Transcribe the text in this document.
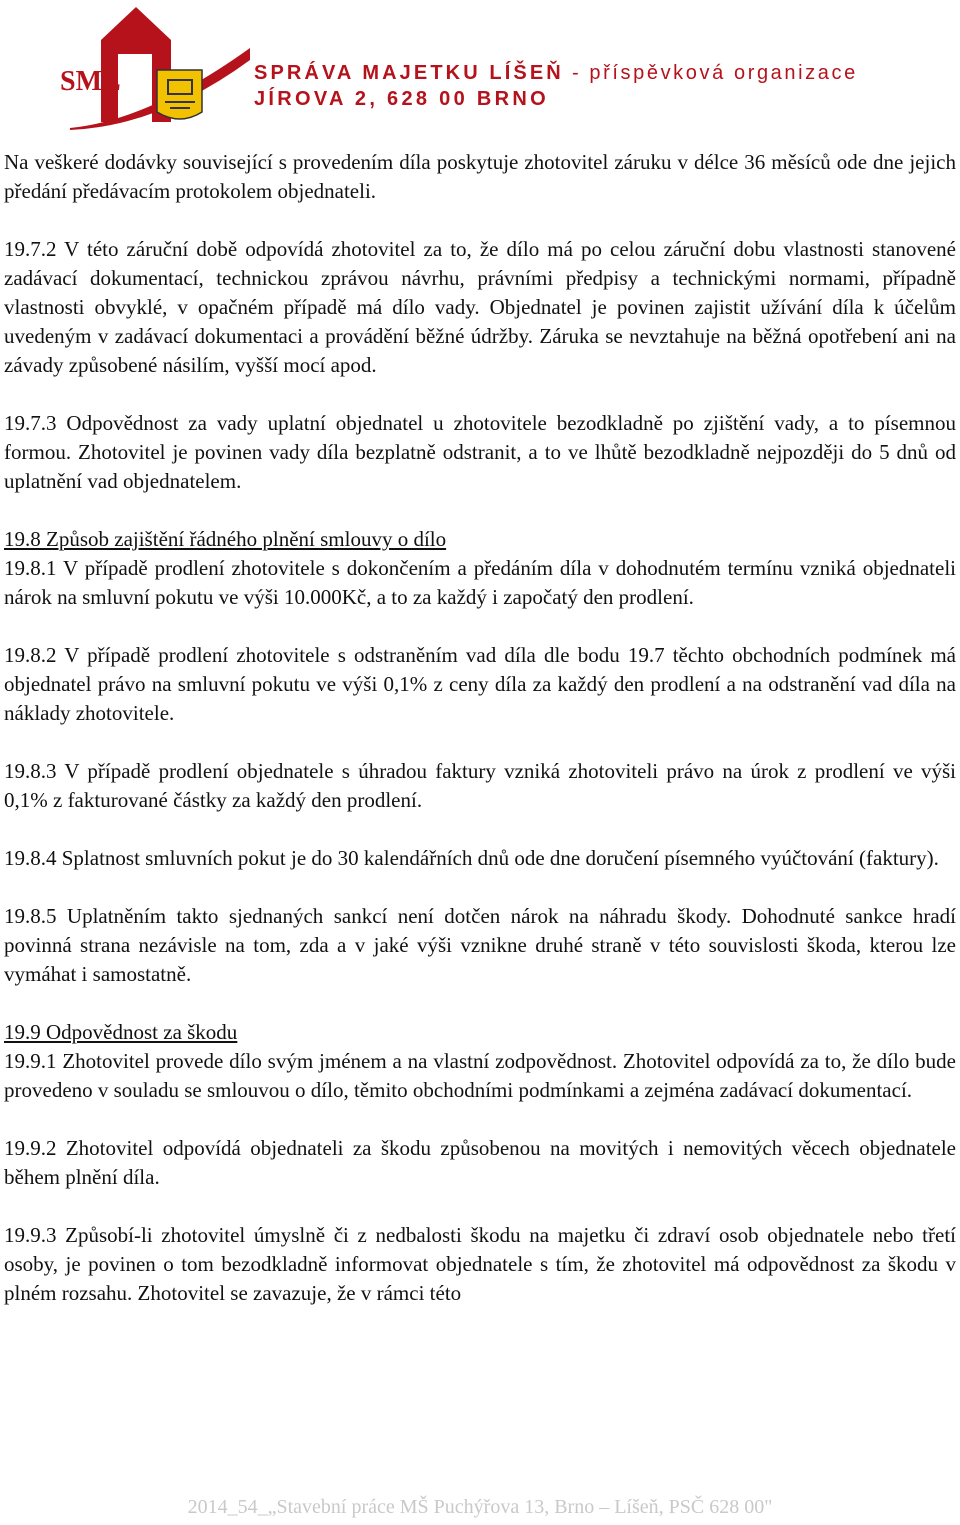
SML	SPRÁVA MAJETKU LÍŠEŇ - příspěvková organizace
JÍROVA 2, 628 00 BRNO

Na veškeré dodávky související s provedením díla poskytuje zhotovitel záruku v délce 36 měsíců ode dne jejich předání předávacím protokolem objednateli.

19.7.2 V této záruční době odpovídá zhotovitel za to, že dílo má po celou záruční dobu vlastnosti stanovené zadávací dokumentací, technickou zprávou návrhu, právními předpisy a technickými normami, případně vlastnosti obvyklé, v opačném případě má dílo vady. Objednatel je povinen zajistit užívání díla k účelům uvedeným v zadávací dokumentaci a provádění běžné údržby. Záruka se nevztahuje na běžná opotřebení ani na závady způsobené násilím, vyšší mocí apod.

19.7.3 Odpovědnost za vady uplatní objednatel u zhotovitele bezodkladně po zjištění vady, a to písemnou formou. Zhotovitel je povinen vady díla bezplatně odstranit, a to ve lhůtě bezodkladně nejpozději do 5 dnů od uplatnění vad objednatelem.

19.8 Způsob zajištění řádného plnění smlouvy o dílo

19.8.1 V případě prodlení zhotovitele s dokončením a předáním díla v dohodnutém termínu vzniká objednateli nárok na smluvní pokutu ve výši 10.000Kč, a to za každý i započatý den prodlení.

19.8.2 V případě prodlení zhotovitele s odstraněním vad díla dle bodu 19.7 těchto obchodních podmínek má objednatel právo na smluvní pokutu ve výši 0,1% z ceny díla za každý den prodlení a na odstranění vad díla na náklady zhotovitele.

19.8.3 V případě prodlení objednatele s úhradou faktury vzniká zhotoviteli právo na úrok z prodlení ve výši 0,1% z fakturované částky za každý den prodlení.

19.8.4 Splatnost smluvních pokut je do 30 kalendářních dnů ode dne doručení písemného vyúčtování (faktury).

19.8.5 Uplatněním takto sjednaných sankcí není dotčen nárok na náhradu škody. Dohodnuté sankce hradí povinná strana nezávisle na tom, zda a v jaké výši vznikne druhé straně v této souvislosti škoda, kterou lze vymáhat i samostatně.

19.9 Odpovědnost za škodu

19.9.1 Zhotovitel provede dílo svým jménem a na vlastní zodpovědnost. Zhotovitel odpovídá za to, že dílo bude provedeno v souladu se smlouvou o dílo, těmito obchodními podmínkami a zejména zadávací dokumentací.

19.9.2 Zhotovitel odpovídá objednateli za škodu způsobenou na movitých i nemovitých věcech objednatele během plnění díla.

19.9.3 Způsobí-li zhotovitel úmyslně či z nedbalosti škodu na majetku či zdraví osob objednatele nebo třetí osoby, je povinen o tom bezodkladně informovat objednatele s tím, že zhotovitel má odpovědnost za škodu v plném rozsahu. Zhotovitel se zavazuje, že v rámci této

2014_54_„Stavební práce MŠ Puchýřova 13, Brno – Líšeň, PSČ 628 00"
